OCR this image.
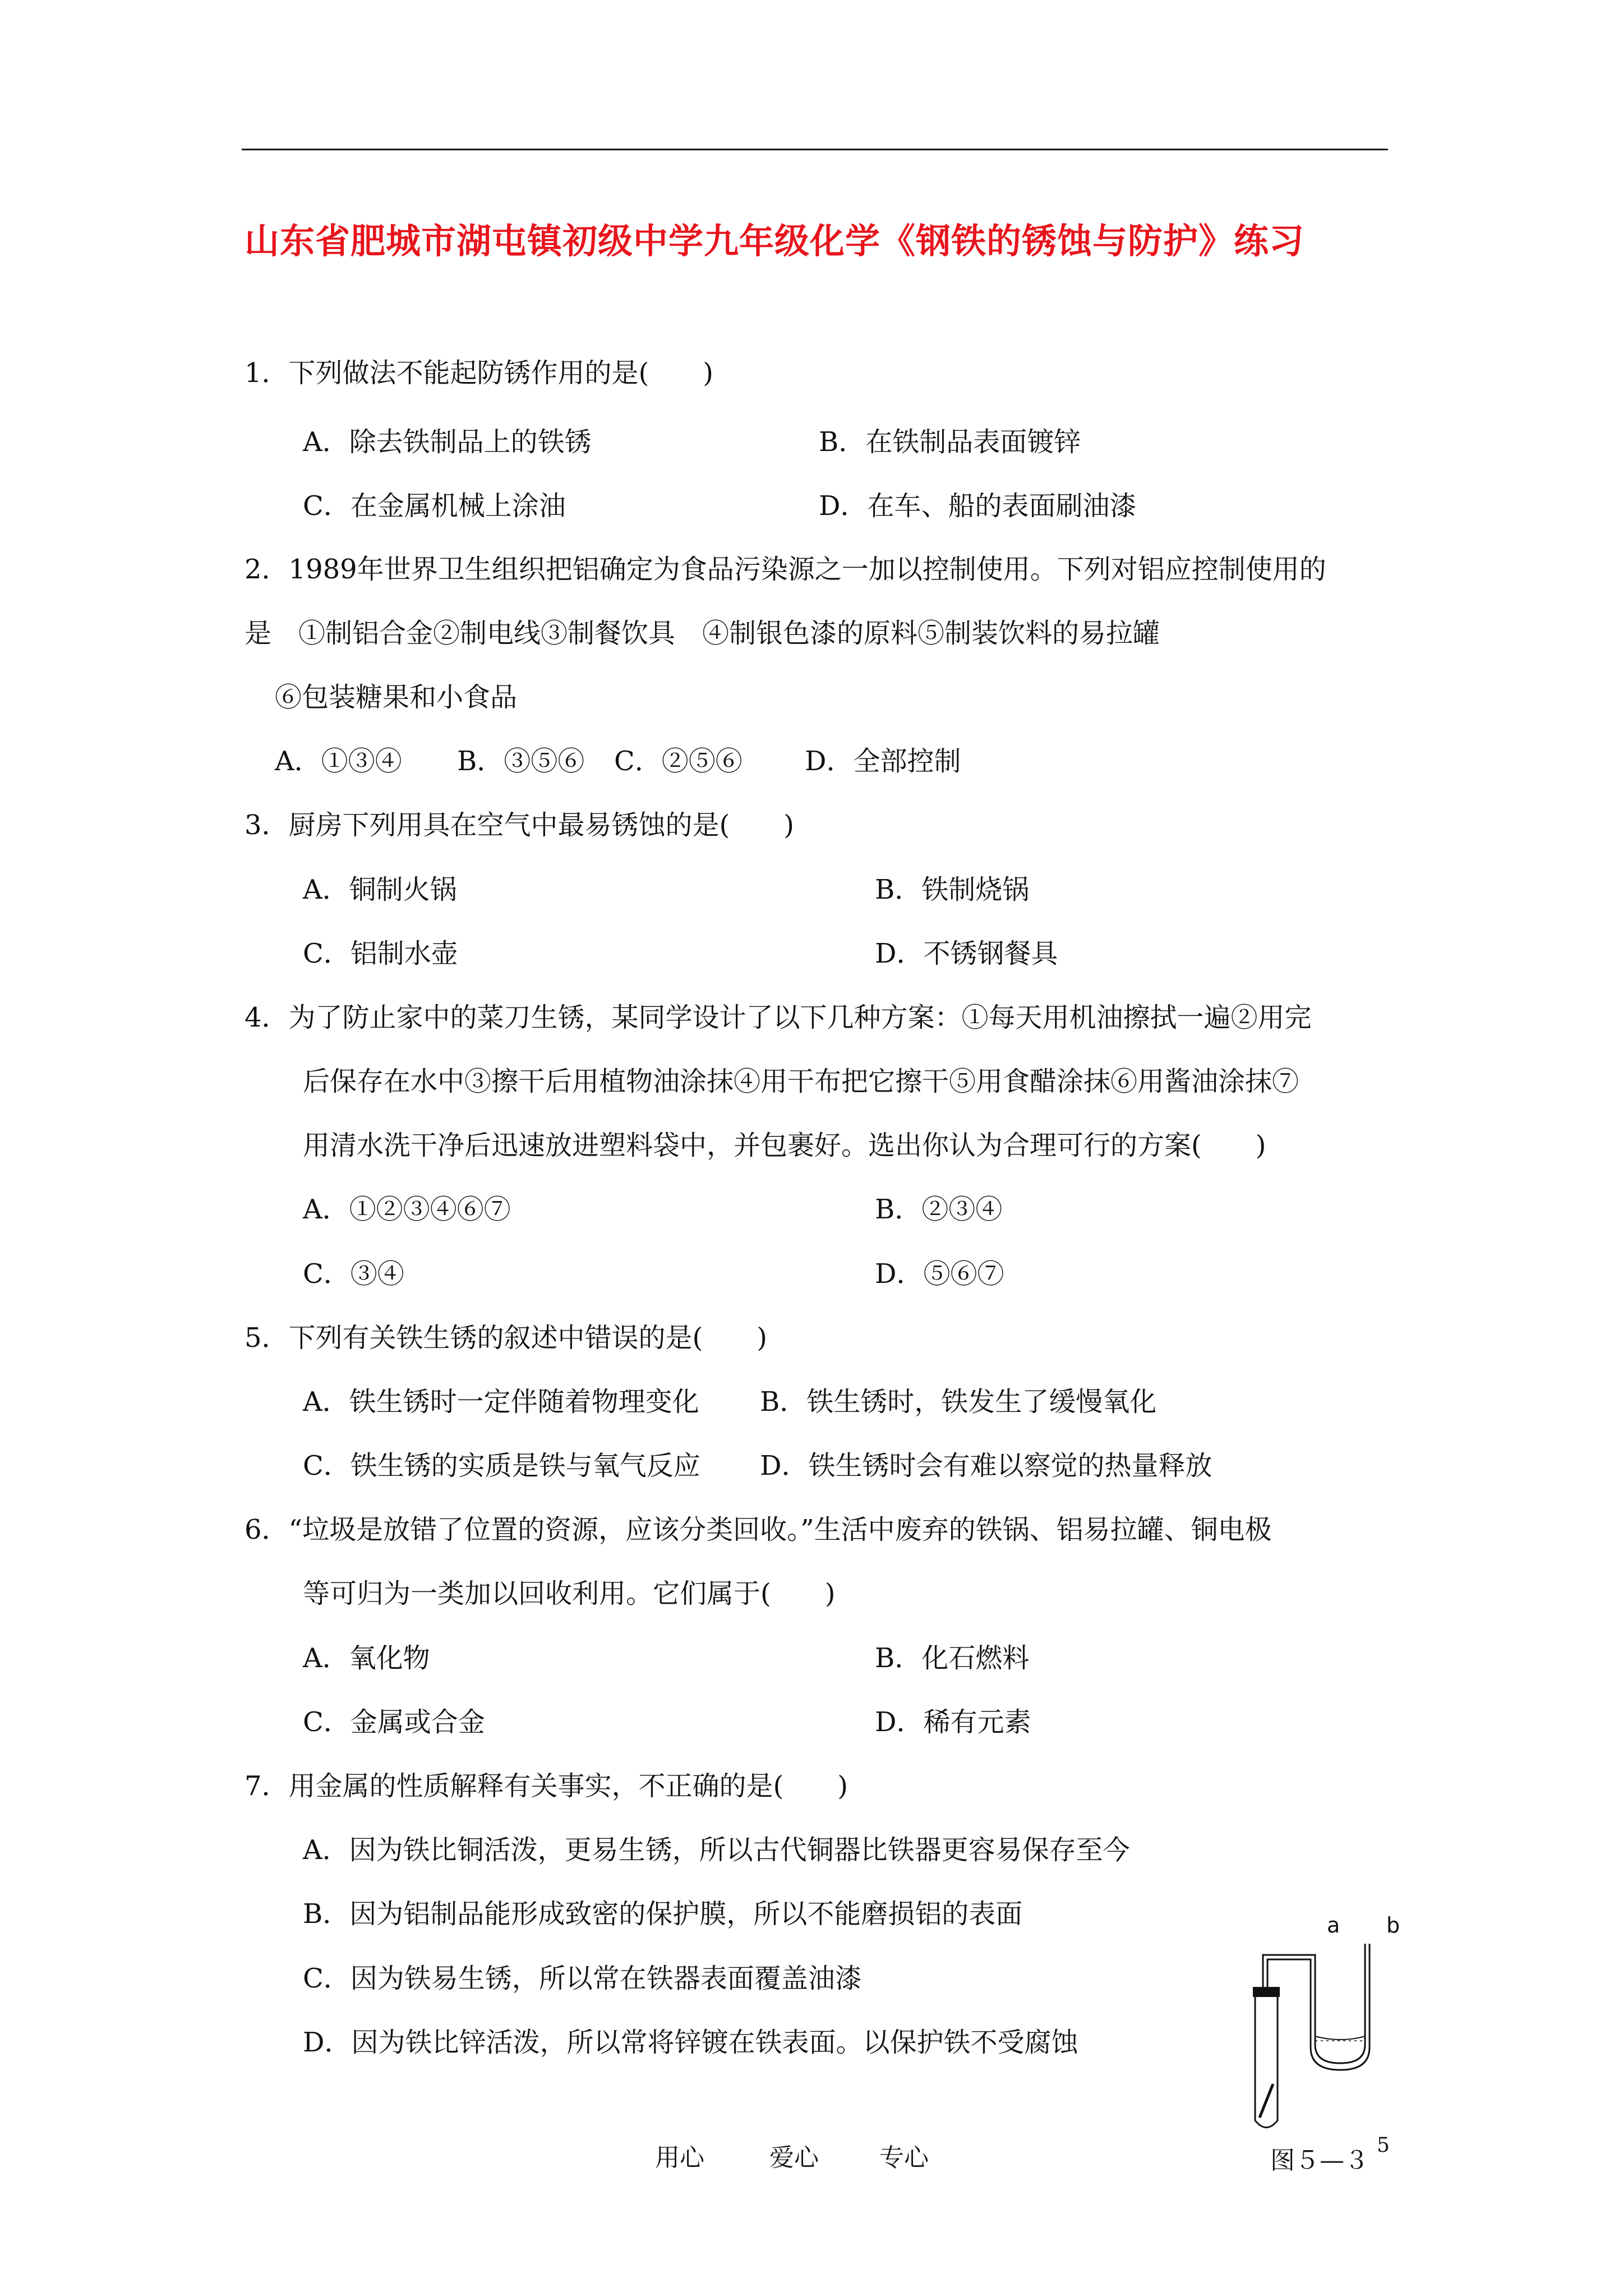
山东省肥城市湖屯镇初级中学九年级化学《钢铁的锈蚀与防护》练习
1．下列做法不能起防锈作用的是(　　)
A．除去铁制品上的铁锈	B．在铁制品表面镀锌
C．在金属机械上涂油	D．在车、船的表面刷油漆
2．1989年世界卫生组织把铝确定为食品污染源之一加以控制使用。下列对铝应控制使用的
是　①制铝合金②制电线③制餐饮具　④制银色漆的原料⑤制装饮料的易拉罐
⑥包装糖果和小食品
A．①③④ B．③⑤⑥ C．②⑤⑥ D．全部控制
3．厨房下列用具在空气中最易锈蚀的是(　　)
A．铜制火锅	B．铁制烧锅
C．铝制水壶	D．不锈钢餐具
4．为了防止家中的菜刀生锈，某同学设计了以下几种方案：①每天用机油擦拭一遍②用完
后保存在水中③擦干后用植物油涂抹④用干布把它擦干⑤用食醋涂抹⑥用酱油涂抹⑦
用清水洗干净后迅速放进塑料袋中，并包裹好。选出你认为合理可行的方案(　　)
A．①②③④⑥⑦	B．②③④
C．③④	D．⑤⑥⑦
5．下列有关铁生锈的叙述中错误的是(　　)
A．铁生锈时一定伴随着物理变化 B．铁生锈时，铁发生了缓慢氧化
C．铁生锈的实质是铁与氧气反应 D．铁生锈时会有难以察觉的热量释放
6．“垃圾是放错了位置的资源，应该分类回收。”生活中废弃的铁锅、铝易拉罐、铜电极
等可归为一类加以回收利用。它们属于(　　)
A．氧化物	B．化石燃料
C．金属或合金	D．稀有元素
7．用金属的性质解释有关事实，不正确的是(　　)
A．因为铁比铜活泼，更易生锈，所以古代铜器比铁器更容易保存至今
B．因为铝制品能形成致密的保护膜，所以不能磨损铝的表面
C．因为铁易生锈，所以常在铁器表面覆盖油漆
D．因为铁比锌活泼，所以常将锌镀在铁表面。以保护铁不受腐蚀
a b
图５—３
5
用心	爱心 专心
